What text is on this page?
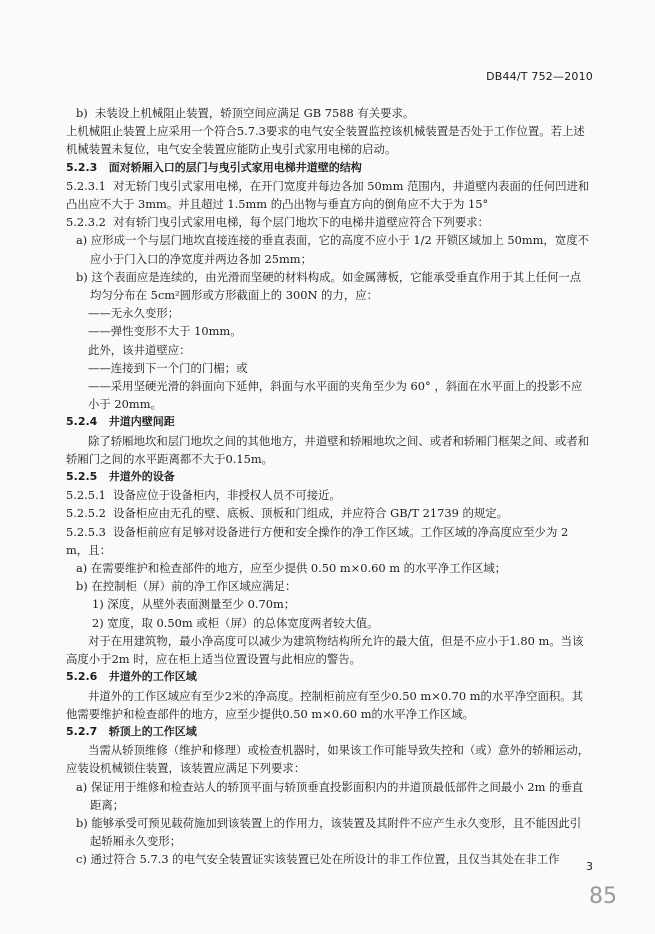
DB44/T 752—2010

b)  未装设上机械阻止装置，轿顶空间应满足 GB 7588 有关要求。

上机械阻止装置上应采用一个符合5.7.3要求的电气安全装置监控该机械装置是否处于工作位置。若上述机械装置未复位，电气安全装置应能防止曳引式家用电梯的启动。

5.2.3   面对轿厢入口的层门与曳引式家用电梯井道壁的结构

5.2.3.1  对无轿门曳引式家用电梯，在开门宽度并每边各加 50mm 范围内，井道壁内表面的任何凹进和凸出应不大于 3mm。并且超过 1.5mm 的凸出物与垂直方向的倒角应不大于为 15°

5.2.3.2  对有轿门曳引式家用电梯，每个层门地坎下的电梯井道壁应符合下列要求：

a) 应形成一个与层门地坎直接连接的垂直表面，它的高度不应小于 1/2 开锁区域加上 50mm，宽度不应小于门入口的净宽度并两边各加 25mm；

b) 这个表面应是连续的，由光滑而坚硬的材料构成。如金属薄板，它能承受垂直作用于其上任何一点均匀分布在 5cm²圆形或方形截面上的 300N 的力，应：

——无永久变形；

——弹性变形不大于 10mm。

此外，该井道壁应：

——连接到下一个门的门楣；或

——采用坚硬光滑的斜面向下延伸，斜面与水平面的夹角至少为 60° ，斜面在水平面上的投影不应小于 20mm。

5.2.4   井道内壁间距

除了轿厢地坎和层门地坎之间的其他地方，井道壁和轿厢地坎之间、或者和轿厢门框架之间、或者和轿厢门之间的水平距离都不大于0.15m。

5.2.5   井道外的设备

5.2.5.1  设备应位于设备柜内，非授权人员不可接近。

5.2.5.2  设备柜应由无孔的壁、底板、顶板和门组成，并应符合 GB/T 21739 的规定。

5.2.5.3  设备柜前应有足够对设备进行方便和安全操作的净工作区域。工作区域的净高度应至少为 2m，且：

a) 在需要维护和检查部件的地方，应至少提供 0.50 m×0.60 m 的水平净工作区域；

b) 在控制柜（屏）前的净工作区域应满足：

1) 深度，从壁外表面测量至少 0.70m；

2) 宽度，取 0.50m 或柜（屏）的总体宽度两者较大值。

对于在用建筑物，最小净高度可以减少为建筑物结构所允许的最大值，但是不应小于1.80 m。当该高度小于2m 时，应在柜上适当位置设置与此相应的警告。

5.2.6   井道外的工作区域

井道外的工作区域应有至少2米的净高度。控制柜前应有至少0.50 m×0.70 m的水平净空面积。其他需要维护和检查部件的地方，应至少提供0.50 m×0.60 m的水平净工作区域。

5.2.7   轿顶上的工作区域

当需从轿顶维修（维护和修理）或检查机器时，如果该工作可能导致失控和（或）意外的轿厢运动，应装设机械锁住装置，该装置应满足下列要求：

a) 保证用于维修和检查站人的轿顶平面与轿顶垂直投影面积内的井道顶最低部件之间最小 2m 的垂直距离；

b) 能够承受可预见载荷施加到该装置上的作用力，该装置及其附件不应产生永久变形，且不能因此引起轿厢永久变形；

c) 通过符合 5.7.3 的电气安全装置证实该装置已处在所设计的非工作位置，且仅当其处在非工作

3
85
